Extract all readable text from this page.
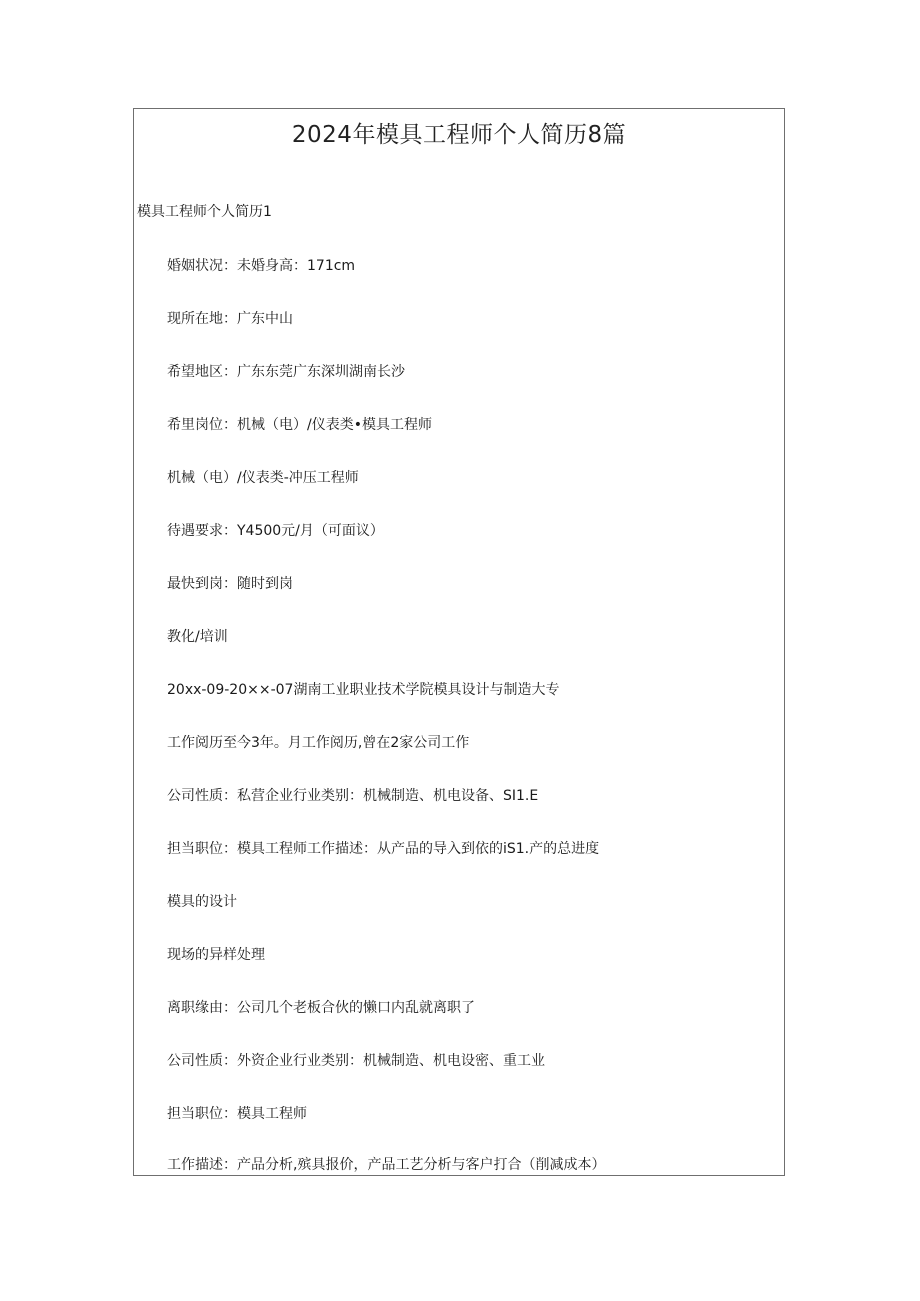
2024年模具工程师个人简历8篇
模具工程师个人简历1

婚姻状况：未婚身高：171cm

现所在地：广东中山

希望地区：广东东莞广东深圳湖南长沙

希里岗位：机械（电）/仪表类•模具工程师

机械（电）/仪表类-冲压工程师

待遇要求：Y4500元/月（可面议）

最快到岗：随时到岗

教化/培训

20xx-09-20××-07湖南工业职业技术学院模具设计与制造大专

工作阅历至今3年。月工作阅历,曾在2家公司工作

公司性质：私营企业行业类别：机械制造、机电设备、SI1.E

担当职位：模具工程师工作描述：从产品的导入到依的iS1.产的总进度

模具的设计

现场的异样处理

离职缘由：公司几个老板合伙的懒口内乱就离职了

公司性质：外资企业行业类别：机械制造、机电设密、重工业

担当职位：模具工程师

工作描述：产品分析,殡具报价，产品工艺分析与客户打合（削减成本）
